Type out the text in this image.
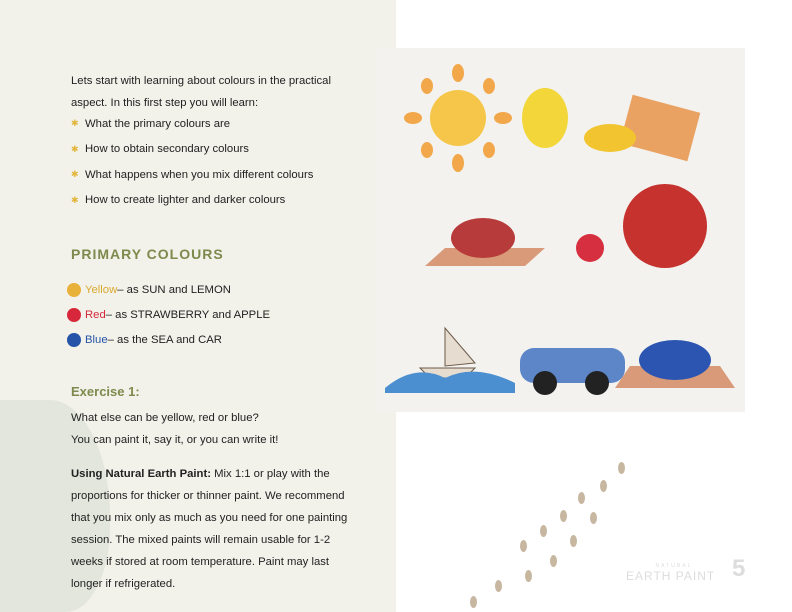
Lets start with learning about colours in the practical aspect. In this first step you will learn:

✱ What the primary colours are
✱ How to obtain secondary colours
✱ What happens when you mix different colours
✱ How to create lighter and darker colours
PRIMARY COLOURS
Yellow – as SUN and LEMON
Red – as STRAWBERRY and APPLE
Blue – as the SEA and CAR
Exercise 1:

What else can be yellow, red or blue?
You can paint it, say it, or you can write it!

Using Natural Earth Paint: Mix 1:1 or play with the proportions for thicker or thinner paint. We recommend that you mix only as much as you need for one painting session. The mixed paints will remain usable for 1-2 weeks if stored at room temperature. Paint may last longer if refrigerated.

NATURAL
EARTH PAINT 5
